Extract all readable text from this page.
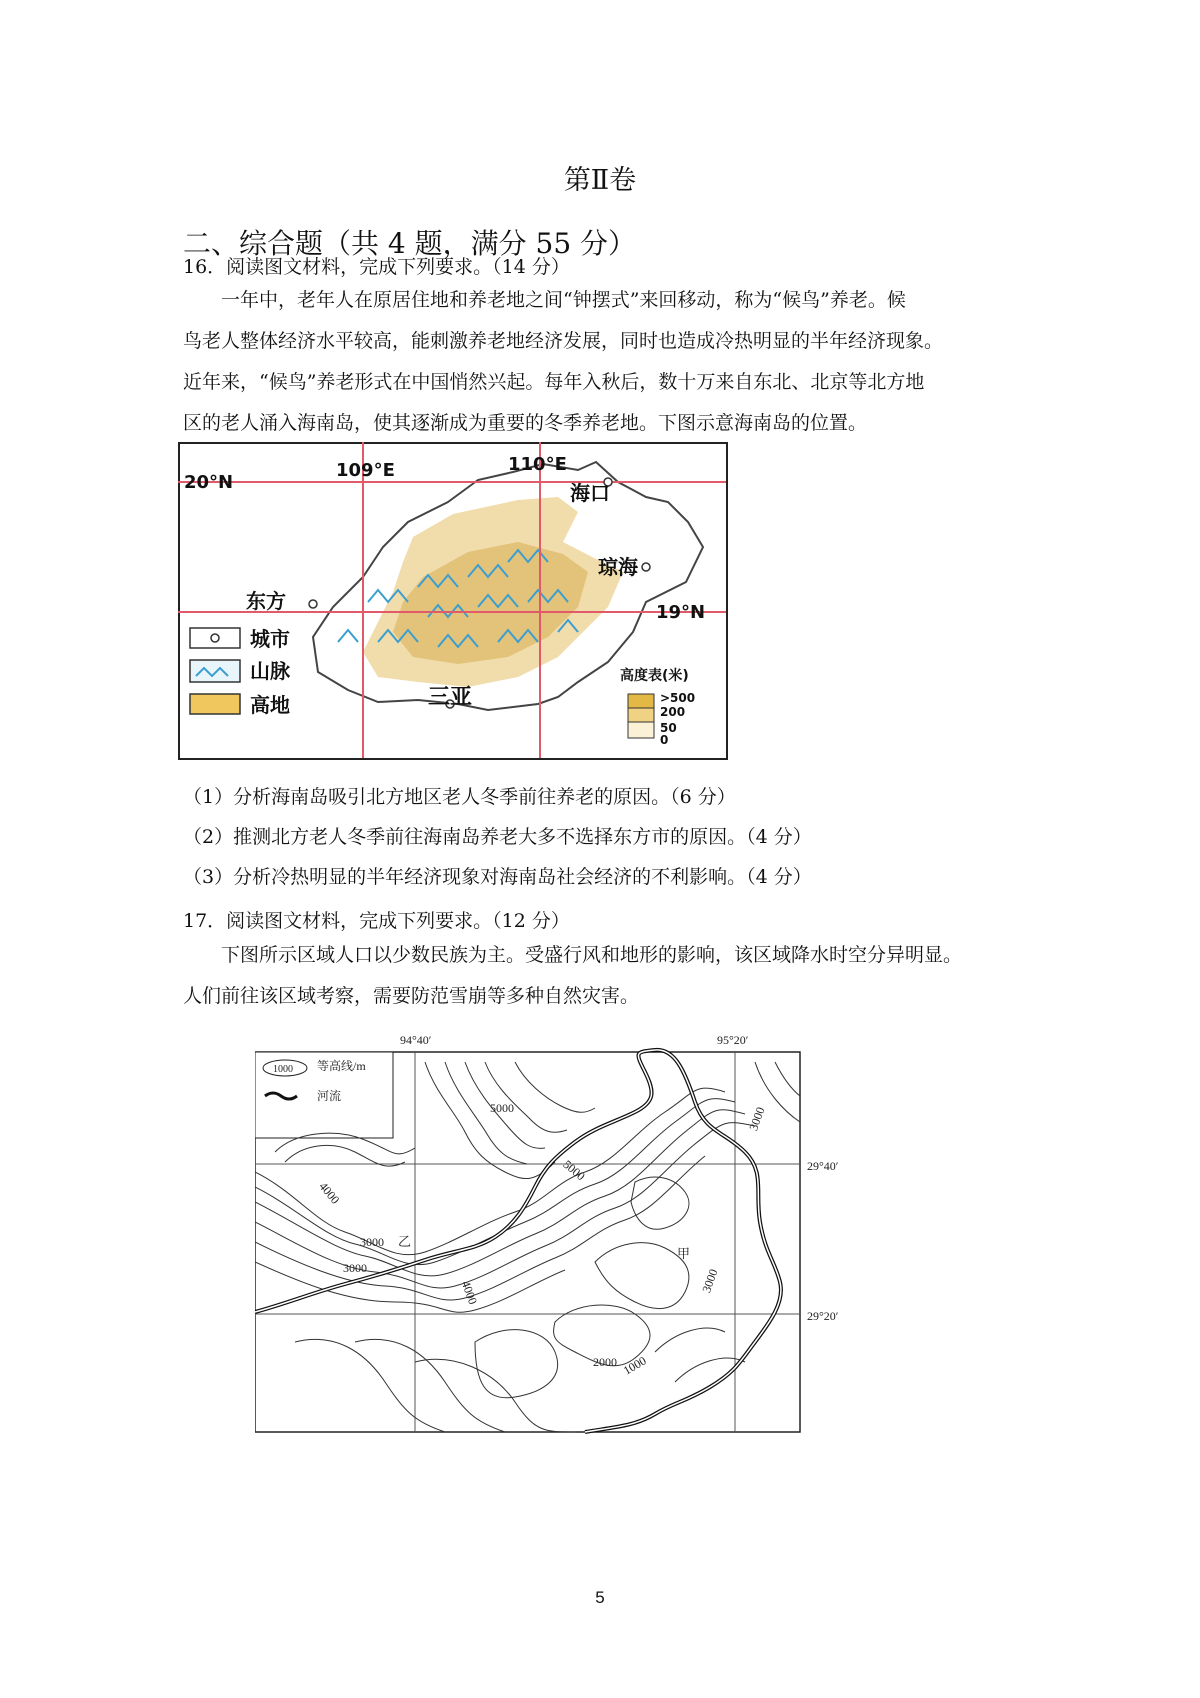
第Ⅱ卷
二、综合题（共 4 题，满分 55 分）
16．阅读图文材料，完成下列要求。（14 分）
一年中，老年人在原居住地和养老地之间“钟摆式”来回移动，称为“候鸟”养老。候
鸟老人整体经济水平较高，能刺激养老地经济发展，同时也造成冷热明显的半年经济现象。
近年来，“候鸟”养老形式在中国悄然兴起。每年入秋后，数十万来自东北、北京等北方地
区的老人涌入海南岛，使其逐渐成为重要的冬季养老地。下图示意海南岛的位置。
109°E	110°E
20°N
19°N
海口
琼海
东方
三亚
城市
山脉
高地
高度表(米)
>500
200
50
0
（1）分析海南岛吸引北方地区老人冬季前往养老的原因。（6 分）
（2）推测北方老人冬季前往海南岛养老大多不选择东方市的原因。（4 分）
（3）分析冷热明显的半年经济现象对海南岛社会经济的不利影响。（4 分）
17．阅读图文材料，完成下列要求。（12 分）
下图所示区域人口以少数民族为主。受盛行风和地形的影响，该区域降水时空分异明显。
人们前往该区域考察，需要防范雪崩等多种自然灾害。
94°40′	95°20′
29°40′
29°20′
1000 等高线/m
河流
5000
5000
3000
4000
3000
3000
4000	3000
2000 1000
甲
乙
5
